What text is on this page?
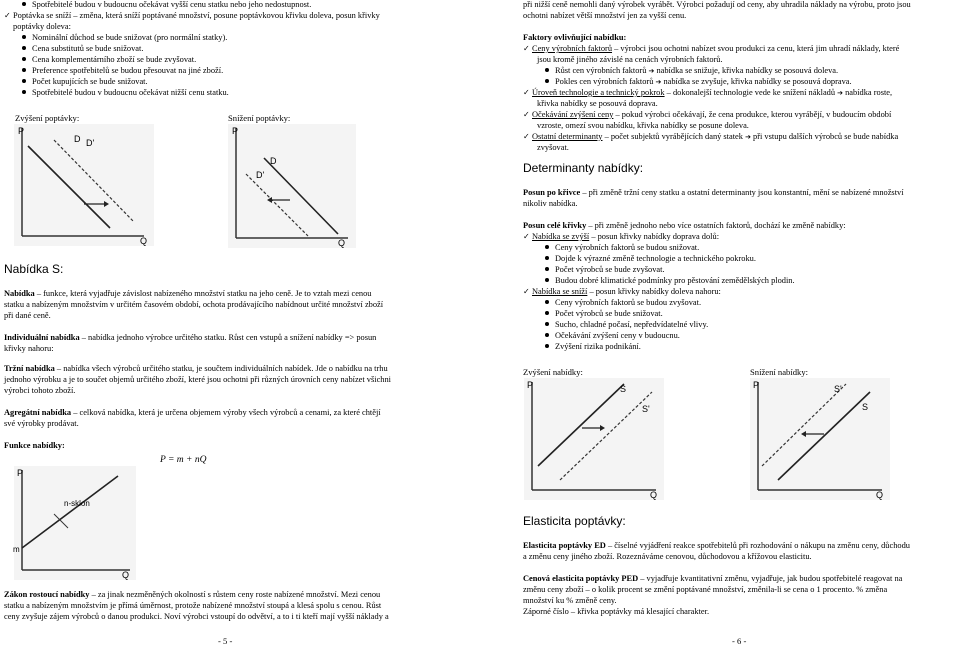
Spotřebitelé budou v budoucnu očekávat vyšší cenu statku nebo jeho nedostupnost.
✓ Poptávka se sníží – změna, která sníží poptávané množství, posune poptávkovou křivku doleva, posun křivky
poptávky doleva:
Nominální důchod se bude snižovat (pro normální statky).
Cena substitutů se bude snižovat.
Cena komplementárního zboží se bude zvyšovat.
Preference spotřebitelů se budou přesouvat na jiné zboží.
Počet kupujících se bude snižovat.
Spotřebitelé budou v budoucnu očekávat nižší cenu statku.
Zvýšení poptávky:	Snížení poptávky:
P
Q
D D'
P
Q
D
D'
Nabídka S:
Nabídka – funkce, která vyjadřuje závislost nabízeného množství statku na jeho ceně. Je to vztah mezi cenou
statku a nabízeným množstvím v určitém časovém období, ochota prodávajícího nabídnout určité množství zboží
při dané ceně.
Individuální nabídka – nabídka jednoho výrobce určitého statku. Růst cen vstupů a snížení nabídky => posun
křivky nahoru:
Tržní nabídka – nabídka všech výrobců určitého statku, je součtem individuálních nabídek. Jde o nabídku na trhu
jednoho výrobku a je to součet objemů určitého zboží, které jsou ochotni při různých úrovních ceny nabízet všichni
výrobci tohoto zboží.
Agregátní nabídka – celková nabídka, která je určena objemem výroby všech výrobců a cenami, za které chtějí
své výrobky prodávat.
Funkce nabídky:
P = m + nQ
P
Q
n-sklon
m
Zákon rostoucí nabídky – za jinak nezměněných okolností s růstem ceny roste nabízené množství. Mezi cenou
statku a nabízeným množstvím je přímá úměrnost, protože nabízené množství stoupá a klesá spolu s cenou. Růst
ceny zvyšuje zájem výrobců o danou produkci. Noví výrobci vstoupí do odvětví, a to i ti kteří mají vyšší náklady a
- 5 -
při nižší ceně nemohli daný výrobek vyrábět. Výrobci požadují od ceny, aby uhradila náklady na výrobu, proto jsou
ochotni nabízet větší množství jen za vyšší cenu.
Faktory ovlivňující nabídku:
✓ Ceny výrobních faktorů – výrobci jsou ochotni nabízet svou produkci za cenu, která jim uhradí náklady, které
jsou kromě jiného závislé na cenách výrobních faktorů.
Růst cen výrobních faktorů ➔ nabídka se snižuje, křivka nabídky se posouvá doleva.
Pokles cen výrobních faktorů ➔ nabídka se zvyšuje, křivka nabídky se posouvá doprava.
✓ Úroveň technologie a technický pokrok – dokonalejší technologie vede ke snížení nákladů ➔ nabídka roste,
křivka nabídky se posouvá doprava.
✓ Očekávání zvýšení ceny – pokud výrobci očekávají, že cena produkce, kterou vyrábějí, v budoucím období
vzroste, omezí svou nabídku, křivka nabídky se posune doleva.
✓ Ostatní determinanty – počet subjektů vyrábějících daný statek ➔ při vstupu dalších výrobců se bude nabídka
zvyšovat.
Determinanty nabídky:
Posun po křivce – při změně tržní ceny statku a ostatní determinanty jsou konstantní, mění se nabízené množství
nikoliv nabídka.
Posun celé křivky – při změně jednoho nebo více ostatních faktorů, dochází ke změně nabídky:
✓ Nabídka se zvýší – posun křivky nabídky doprava dolů:
Ceny výrobních faktorů se budou snižovat.
Dojde k výrazné změně technologie a technického pokroku.
Počet výrobců se bude zvyšovat.
Budou dobré klimatické podmínky pro pěstování zemědělských plodin.
✓ Nabídka se sníží – posun křivky nabídky doleva nahoru:
Ceny výrobních faktorů se budou zvyšovat.
Počet výrobců se bude snižovat.
Sucho, chladné počasí, nepředvídatelné vlivy.
Očekávání zvýšení ceny v budoucnu.
Zvýšení rizika podnikání.
Zvýšení nabídky:	Snížení nabídky:
P
Q
S
S'
P
Q
S
S'
Elasticita poptávky:
Elasticita poptávky ED – číselné vyjádření reakce spotřebitelů při rozhodování o nákupu na změnu ceny, důchodu
a změnu ceny jiného zboží. Rozeznáváme cenovou, důchodovou a křížovou elasticitu.
Cenová elasticita poptávky PED – vyjadřuje kvantitativní změnu, vyjadřuje, jak budou spotřebitelé reagovat na
změnu ceny zboží – o kolik procent se změní poptávané množství, změnila-li se cena o 1 procento. % změna
množství ku % změně ceny.
Záporné číslo – křivka poptávky má klesající charakter.
- 6 -
